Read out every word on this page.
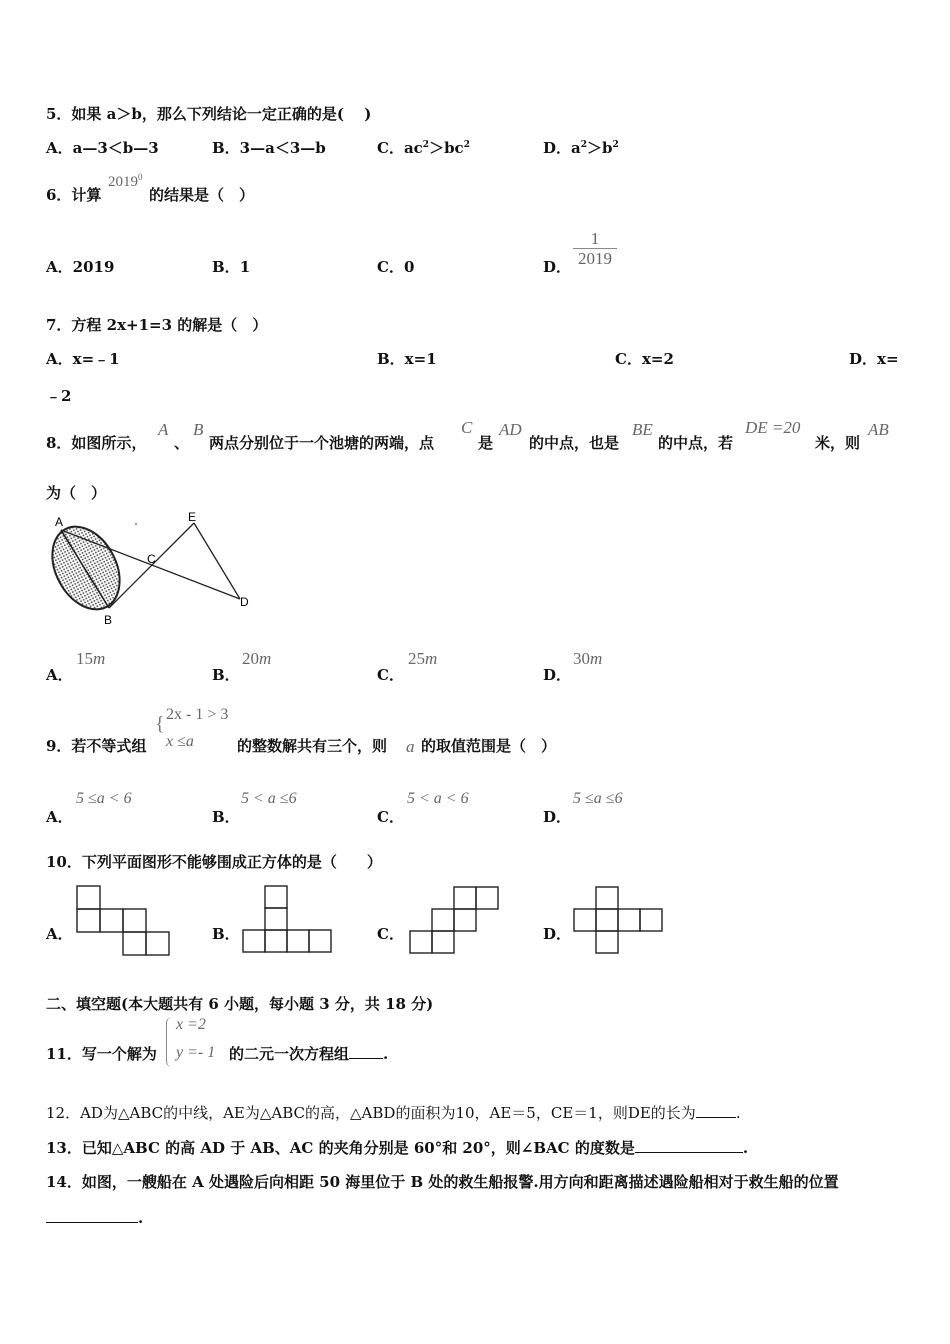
5．如果 a＞b，那么下列结论一定正确的是(　 )
A．a—3＜b—3	B．3—a＜3—b	C．$ac^2>bc^2$	D．$a^2>b^2$
6．计算
2019$^0$
的结果是（　）
A．2019	B．1	C．0	D．
1
2019
7．方程 2x+1=3 的解是（　）
A．x=﹣1	B．x=1	C．x=2	D．x=
﹣2
8．如图所示，
A
、
B
两点分别位于一个池塘的两端，点
C
是
AD
的中点，也是
BE
的中点，若
DE =20
米，则
AB
为（　）
A	E
C
D
B
A．
15m
B．
20m
C．
25m
D．
30m
9．若不等式组
{ 2x - 1 > 3
x ≤a	的整数解共有三个，则 a 的取值范围是（　）
A．
5 ≤a < 6
B．
5 < a ≤6
C．
5 < a < 6
D．
5 ≤a ≤6
10．下列平面图形不能够围成正方体的是（　　）
A．	B．	C．	D．
二、填空题(本大题共有 6 小题，每小题 3 分，共 18 分)
11．写一个解为
x =2
y =- 1 的二元一次方程组 .
12．AD为△ABC的中线，AE为△ABC的高，△ABD的面积为10，AE＝5，CE＝1，则DE的长为	.
13．已知△ABC 的高 AD 于 AB、AC 的夹角分别是 60°和 20°，则∠BAC 的度数是	.
14．如图，一艘船在 A 处遇险后向相距 50 海里位于 B 处的救生船报警.用方向和距离描述遇险船相对于救生船的位置
.
